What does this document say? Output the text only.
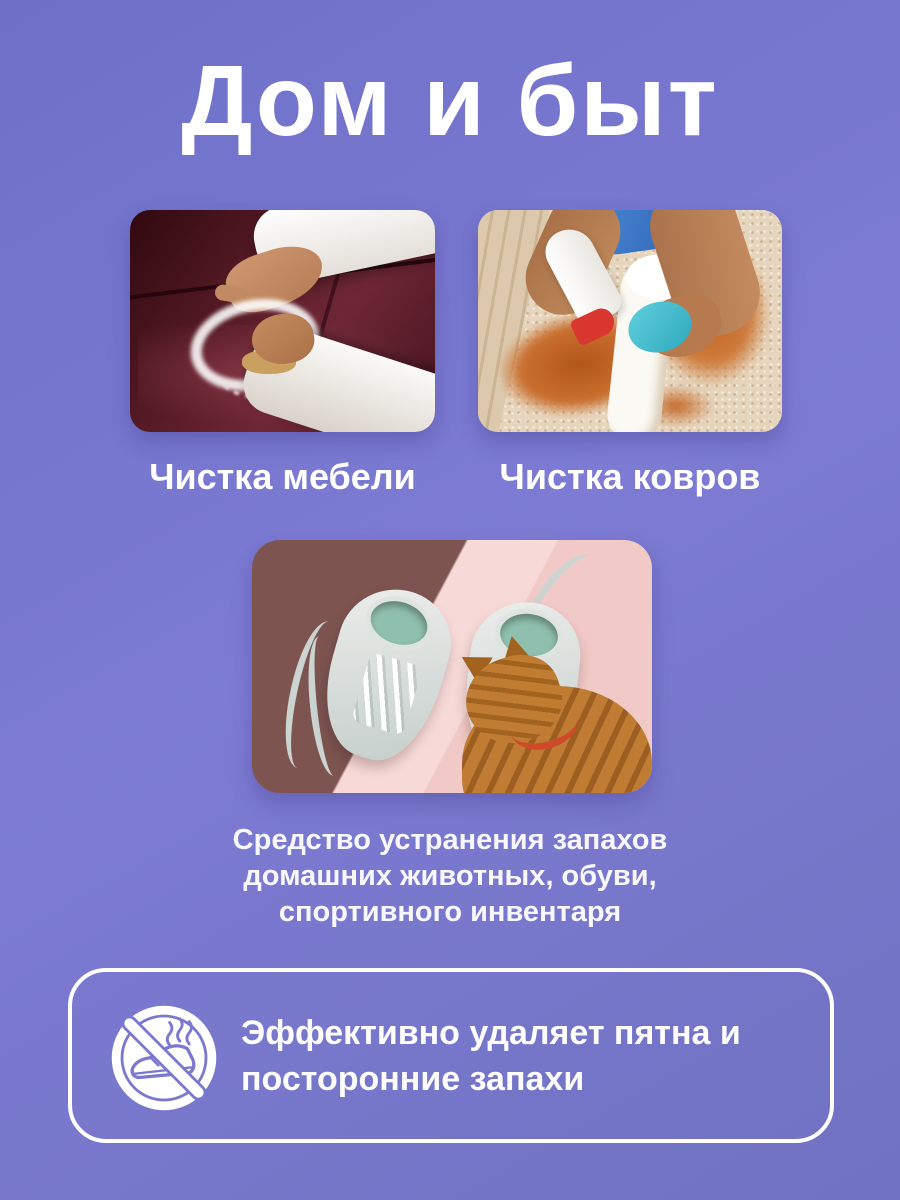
Дом и быт
Чистка мебели	Чистка ковров
Средство устранения запахов
домашних животных, обуви,
спортивного инвентаря
Эффективно удаляет пятна и
посторонние запахи
